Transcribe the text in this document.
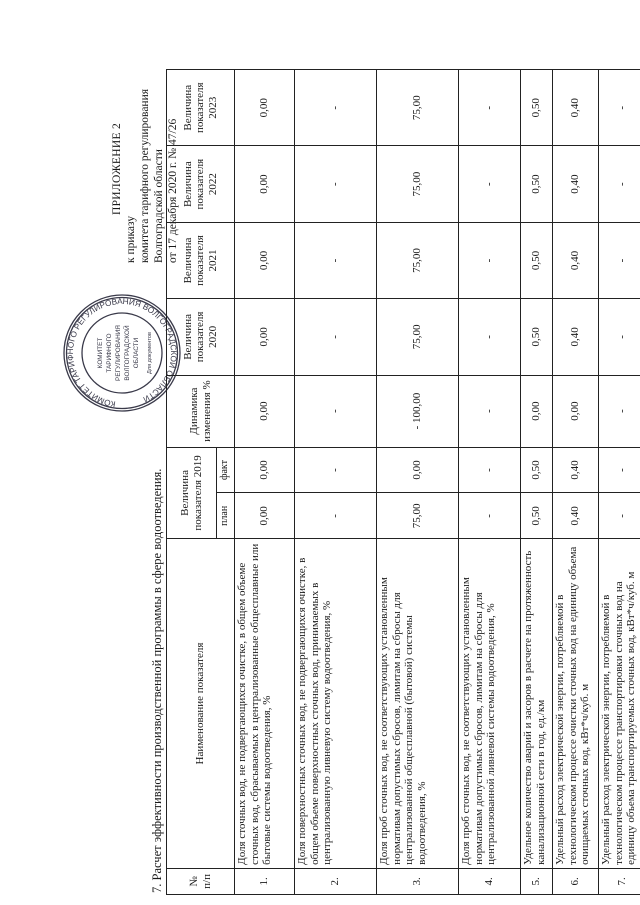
ПРИЛОЖЕНИЕ 2
к приказу комитета тарифного регулирования Волгоградской области от 17 декабря 2020 г. № 47/26
КОМИТЕТ ТАРИФНОГО РЕГУЛИРОВАНИЯ ВОЛГОГРАДСКОЙ ОБЛАСТИ
КОМИТЕТ ТАРИФНОГО РЕГУЛИРОВАНИЯ ВОЛГОГРАДСКОЙ ОБЛАСТИ Для документов
7. Расчет эффективности производственной программы в сфере водоотведения. № п/п	Наименование показателя	Величина показателя 2019		Динамика изменения %	Величина показателя 2020	Величина показателя 2021	Величина показателя 2022	Величина показателя 2023
		план	факт					
1.	Доля сточных вод, не подвергающихся очистке, в общем объеме сточных вод, сбрасываемых в централизованные общесплавные или бытовые системы водоотведения, %	0,00	0,00	0,00	0,00	0,00	0,00	0,00
2.	Доля поверхностных сточных вод, не подвергающихся очистке, в общем объеме поверхностных сточных вод, принимаемых в централизованную ливневую систему водоотведения, %	-	-	-	-	-	-	-
3.	Доля проб сточных вод, не соответствующих установленным нормативам допустимых сбросов, лимитам на сбросы для централизованной общесплавной (бытовой) системы водоотведения, %	75,00	0,00	- 100,00	75,00	75,00	75,00	75,00
4.	Доля проб сточных вод, не соответствующих установленным нормативам допустимых сбросов, лимитам на сбросы для централизованной ливневой системы водоотведения, %	-	-	-	-	-	-	-
5.	Удельное количество аварий и засоров в расчете на протяженность канализационной сети в год, ед./км	0,50	0,50	0,00	0,50	0,50	0,50	0,50
6.	Удельный расход электрической энергии, потребляемой в технологическом процессе очистки сточных вод на единицу объема очищаемых сточных вод, кВт*ч/куб. м	0,40	0,40	0,00	0,40	0,40	0,40	0,40
7.	Удельный расход электрической энергии, потребляемой в технологическом процессе транспортировки сточных вод на единицу объема транспортируемых сточных вод, кВт*ч/куб. м	-	-	-	-	-	-	-
